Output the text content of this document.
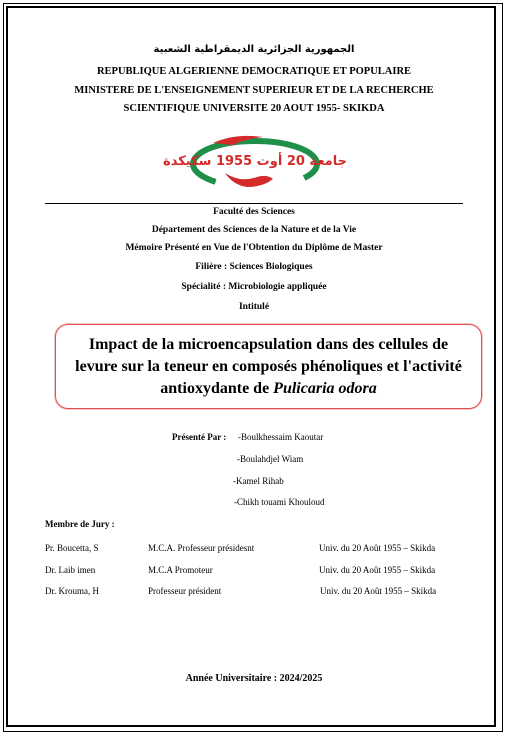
الجمهورية الجزائرية الديمقراطية الشعبية
REPUBLIQUE ALGERIENNE DEMOCRATIQUE ET POPULAIRE
MINISTERE DE L'ENSEIGNEMENT SUPERIEUR ET DE LA RECHERCHE
SCIENTIFIQUE UNIVERSITE 20 AOUT 1955- SKIKDA
جامعة 20 أوت 1955 سكيكدة
Faculté des Sciences
Département des Sciences de la Nature et de la Vie
Mémoire Présenté en Vue de l'Obtention du Diplôme de Master
Filière : Sciences Biologiques
Spécialité : Microbiologie appliquée
Intitulé

Impact de la microencapsulation dans des cellules de levure sur la teneur en composés phénoliques et l'activité antioxydante de Pulicaria odora

Présenté Par : -Boulkhessaim Kaoutar
-Boulahdjel Wiam
-Kamel Rihab
-Chikh touami Khouloud
Membre de Jury :
Pr. Boucetta, S	M.C.A. Professeur présidesnt	Univ. du 20 Août 1955 – Skikda
Dr. Laib imen	M.C.A Promoteur	Univ. du 20 Août 1955 – Skikda
Dr. Krouma, H	Professeur président	Univ. du 20 Août 1955 – Skikda
Année Universitaire : 2024/2025
